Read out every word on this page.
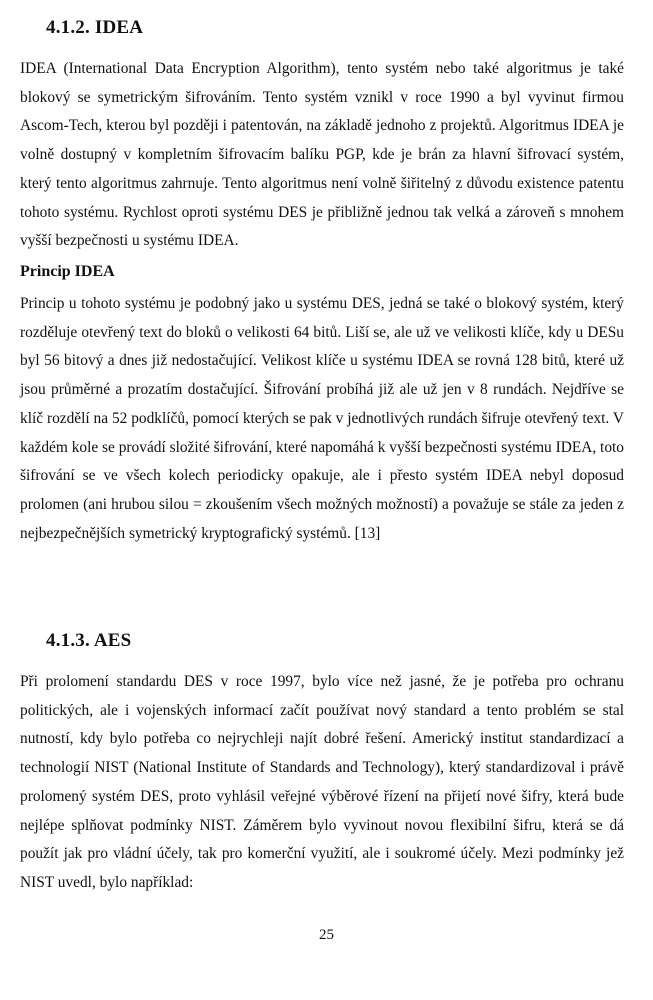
4.1.2. IDEA

IDEA (International Data Encryption Algorithm), tento systém nebo také algoritmus je také blokový se symetrickým šifrováním. Tento systém vznikl v roce 1990 a byl vyvinut firmou Ascom-Tech, kterou byl později i patentován, na základě jednoho z projektů. Algoritmus IDEA je volně dostupný v kompletním šifrovacím balíku PGP, kde je brán za hlavní šifrovací systém, který tento algoritmus zahrnuje. Tento algoritmus není volně šiřitelný z důvodu existence patentu tohoto systému. Rychlost oproti systému DES je přibližně jednou tak velká a zároveň s mnohem vyšší bezpečnosti u systému IDEA.

Princip IDEA

Princip u tohoto systému je podobný jako u systému DES, jedná se také o blokový systém, který rozděluje otevřený text do bloků o velikosti 64 bitů. Liší se, ale už ve velikosti klíče, kdy u DESu byl 56 bitový a dnes již nedostačující. Velikost klíče u systému IDEA se rovná 128 bitů, které už jsou průměrné a prozatím dostačující. Šifrování probíhá již ale už jen v 8 rundách. Nejdříve se klíč rozdělí na 52 podklíčů, pomocí kterých se pak v jednotlivých rundách šifruje otevřený text. V každém kole se provádí složité šifrování, které napomáhá k vyšší bezpečnosti systému IDEA, toto šifrování se ve všech kolech periodicky opakuje, ale i přesto systém IDEA nebyl doposud prolomen (ani hrubou silou = zkoušením všech možných možností) a považuje se stále za jeden z nejbezpečnějších symetrický kryptografický systémů. [13]

4.1.3. AES

Při prolomení standardu DES v roce 1997, bylo více než jasné, že je potřeba pro ochranu politických, ale i vojenských informací začít používat nový standard a tento problém se stal nutností, kdy bylo potřeba co nejrychleji najít dobré řešení. Americký institut standardizací a technologií NIST (National Institute of Standards and Technology), který standardizoval i právě prolomený systém DES, proto vyhlásil veřejné výběrové řízení na přijetí nové šifry, která bude nejlépe splňovat podmínky NIST. Záměrem bylo vyvinout novou flexibilní šifru, která se dá použít jak pro vládní účely, tak pro komerční využití, ale i soukromé účely. Mezi podmínky jež NIST uvedl, bylo například:

25
